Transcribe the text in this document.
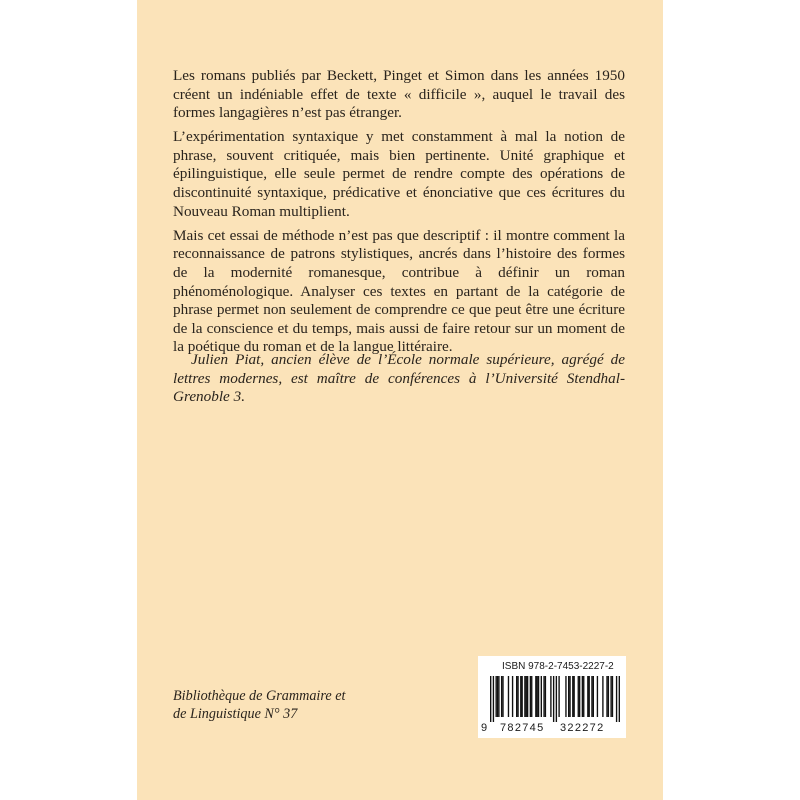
Les romans publiés par Beckett, Pinget et Simon dans les années 1950 créent un indéniable effet de texte « difficile », auquel le travail des formes langagières n’est pas étranger.

L’expérimentation syntaxique y met constamment à mal la notion de phrase, souvent critiquée, mais bien pertinente. Unité graphique et épilinguistique, elle seule permet de rendre compte des opérations de discontinuité syntaxique, prédicative et énonciative que ces écritures du Nouveau Roman multiplient.

Mais cet essai de méthode n’est pas que descriptif : il montre comment la reconnaissance de patrons stylistiques, ancrés dans l’histoire des formes de la modernité romanesque, contribue à définir un roman phénoménologique. Analyser ces textes en partant de la catégorie de phrase permet non seulement de comprendre ce que peut être une écriture de la conscience et du temps, mais aussi de faire retour sur un moment de la poétique du roman et de la langue littéraire.

Julien Piat, ancien élève de l’École normale supérieure, agrégé de lettres modernes, est maître de conférences à l’Université Stendhal-Grenoble 3.
Bibliothèque de Grammaire et
de Linguistique N° 37
ISBN 978-2-7453-2227-2
9 782745 322272
